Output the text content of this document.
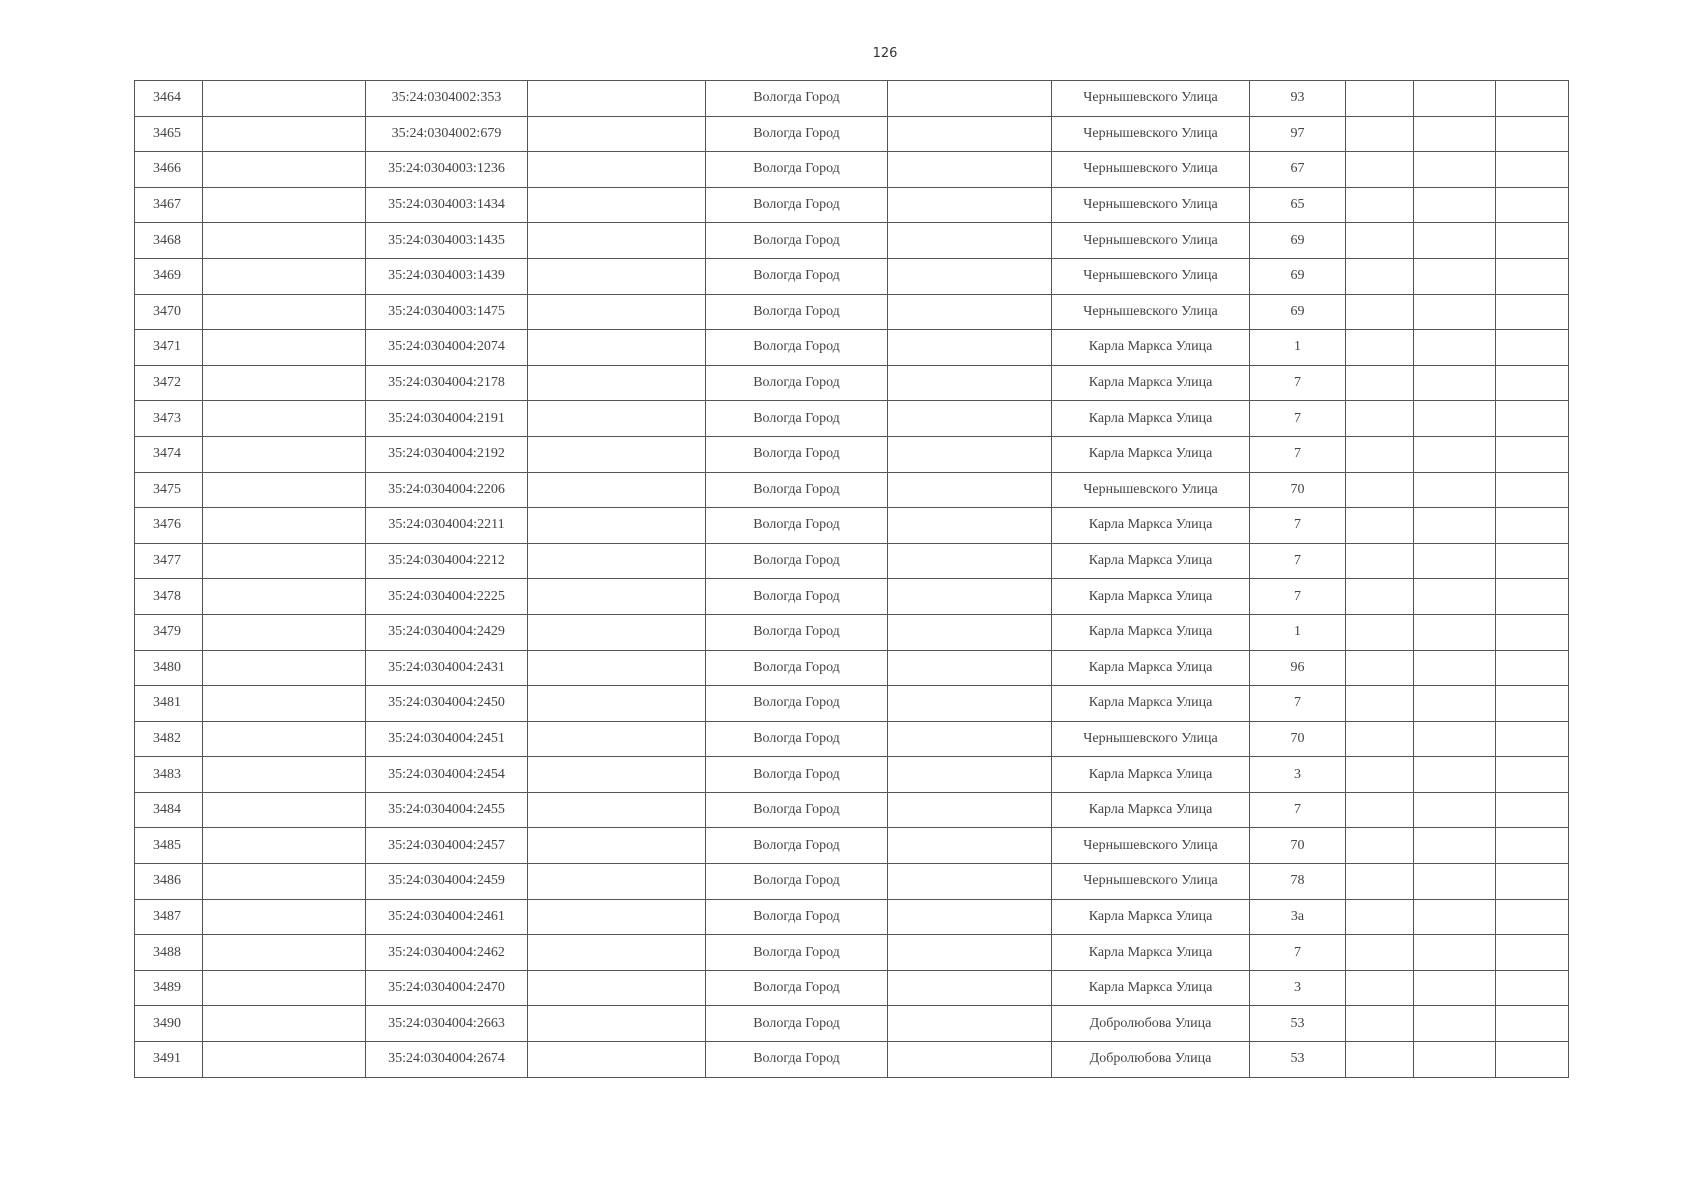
126
3464		35:24:0304002:353		Вологда Город		Чернышевского Улица	93			
3465		35:24:0304002:679		Вологда Город		Чернышевского Улица	97			
3466		35:24:0304003:1236		Вологда Город		Чернышевского Улица	67			
3467		35:24:0304003:1434		Вологда Город		Чернышевского Улица	65			
3468		35:24:0304003:1435		Вологда Город		Чернышевского Улица	69			
3469		35:24:0304003:1439		Вологда Город		Чернышевского Улица	69			
3470		35:24:0304003:1475		Вологда Город		Чернышевского Улица	69			
3471		35:24:0304004:2074		Вологда Город		Карла Маркса Улица	1			
3472		35:24:0304004:2178		Вологда Город		Карла Маркса Улица	7			
3473		35:24:0304004:2191		Вологда Город		Карла Маркса Улица	7			
3474		35:24:0304004:2192		Вологда Город		Карла Маркса Улица	7			
3475		35:24:0304004:2206		Вологда Город		Чернышевского Улица	70			
3476		35:24:0304004:2211		Вологда Город		Карла Маркса Улица	7			
3477		35:24:0304004:2212		Вологда Город		Карла Маркса Улица	7			
3478		35:24:0304004:2225		Вологда Город		Карла Маркса Улица	7			
3479		35:24:0304004:2429		Вологда Город		Карла Маркса Улица	1			
3480		35:24:0304004:2431		Вологда Город		Карла Маркса Улица	96			
3481		35:24:0304004:2450		Вологда Город		Карла Маркса Улица	7			
3482		35:24:0304004:2451		Вологда Город		Чернышевского Улица	70			
3483		35:24:0304004:2454		Вологда Город		Карла Маркса Улица	3			
3484		35:24:0304004:2455		Вологда Город		Карла Маркса Улица	7			
3485		35:24:0304004:2457		Вологда Город		Чернышевского Улица	70			
3486		35:24:0304004:2459		Вологда Город		Чернышевского Улица	78			
3487		35:24:0304004:2461		Вологда Город		Карла Маркса Улица	3а			
3488		35:24:0304004:2462		Вологда Город		Карла Маркса Улица	7			
3489		35:24:0304004:2470		Вологда Город		Карла Маркса Улица	3			
3490		35:24:0304004:2663		Вологда Город		Добролюбова Улица	53			
3491		35:24:0304004:2674		Вологда Город		Добролюбова Улица	53			
